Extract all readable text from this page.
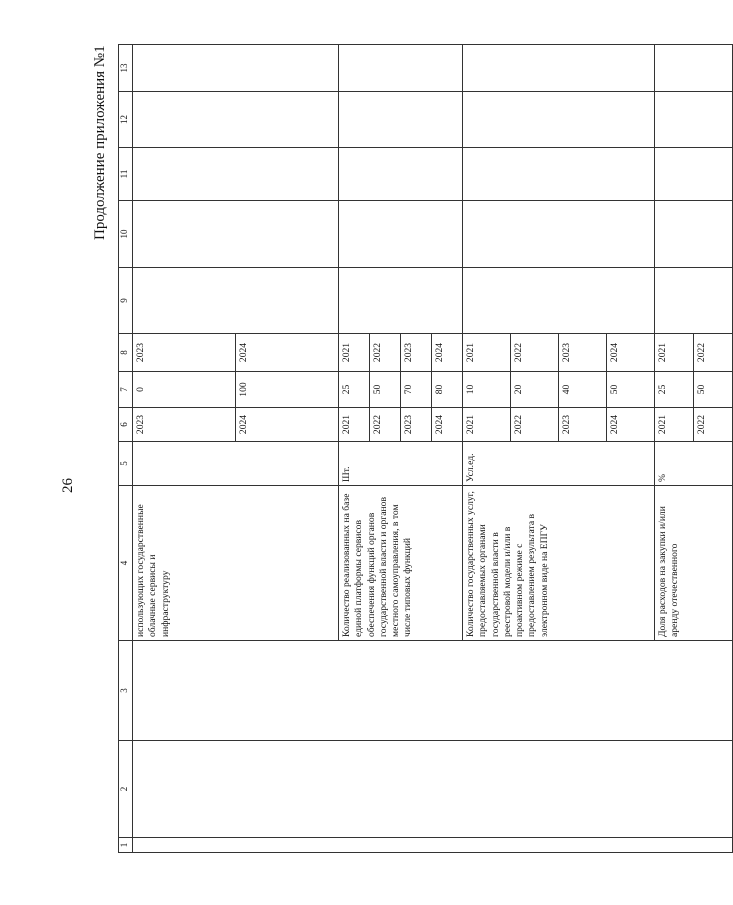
26
Продолжение приложения №1
1	2	3	4	5	6	7	8	9	10	11	12	13
			использующих государственные облачные сервисы и инфраструктуру		2023	0	2023					
					2024	100	2024					
			Количество реализованных на базе единой платформы сервисов обеспечения функций органов государственной власти и органов местного самоуправления, в том числе типовых функций	Шт.	2021	25	2021					
					2022	50	2022					
					2023	70	2023					
					2024	80	2024					
			Количество государственных услуг, предоставляемых органами государственной власти в реестровой модели и/или в проактивном режиме с предоставлением результата в электронном виде на ЕПГУ	Усл.ед.	2021	10	2021					
					2022	20	2022					
					2023	40	2023					
					2024	50	2024					
			Доля расходов на закупки и/или аренду отечественного	%	2021	25	2021					
					2022	50	2022					
